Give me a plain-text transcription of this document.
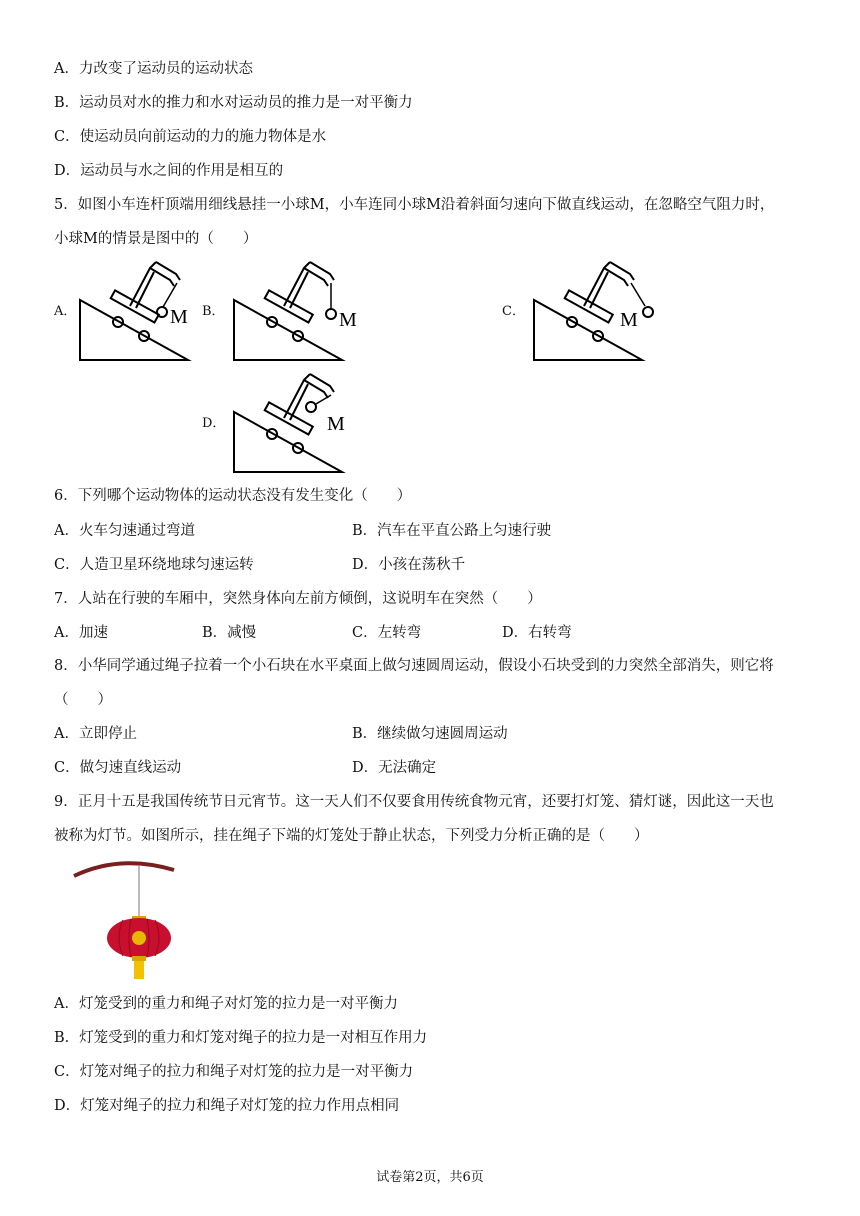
A．力改变了运动员的运动状态
B．运动员对水的推力和水对运动员的推力是一对平衡力
C．使运动员向前运动的力的施力物体是水
D．运动员与水之间的作用是相互的
5．如图小车连杆顶端用细线悬挂一小球M，小车连同小球M沿着斜面匀速向下做直线运动，在忽略空气阻力时，
小球M的情景是图中的（　　）
A．	B．	C．
D．
M	M	M
M
6．下列哪个运动物体的运动状态没有发生变化（　　）
A．火车匀速通过弯道	B．汽车在平直公路上匀速行驶
C．人造卫星环绕地球匀速运转	D．小孩在荡秋千
7．人站在行驶的车厢中，突然身体向左前方倾倒，这说明车在突然（　　）
A．加速	B．减慢	C．左转弯	D．右转弯
8．小华同学通过绳子拉着一个小石块在水平桌面上做匀速圆周运动，假设小石块受到的力突然全部消失，则它将
（　　）
A．立即停止	B．继续做匀速圆周运动
C．做匀速直线运动	D．无法确定
9．正月十五是我国传统节日元宵节。这一天人们不仅要食用传统食物元宵，还要打灯笼、猜灯谜，因此这一天也
被称为灯节。如图所示，挂在绳子下端的灯笼处于静止状态，下列受力分析正确的是（　　）
A．灯笼受到的重力和绳子对灯笼的拉力是一对平衡力
B．灯笼受到的重力和灯笼对绳子的拉力是一对相互作用力
C．灯笼对绳子的拉力和绳子对灯笼的拉力是一对平衡力
D．灯笼对绳子的拉力和绳子对灯笼的拉力作用点相同
试卷第2页，共6页
